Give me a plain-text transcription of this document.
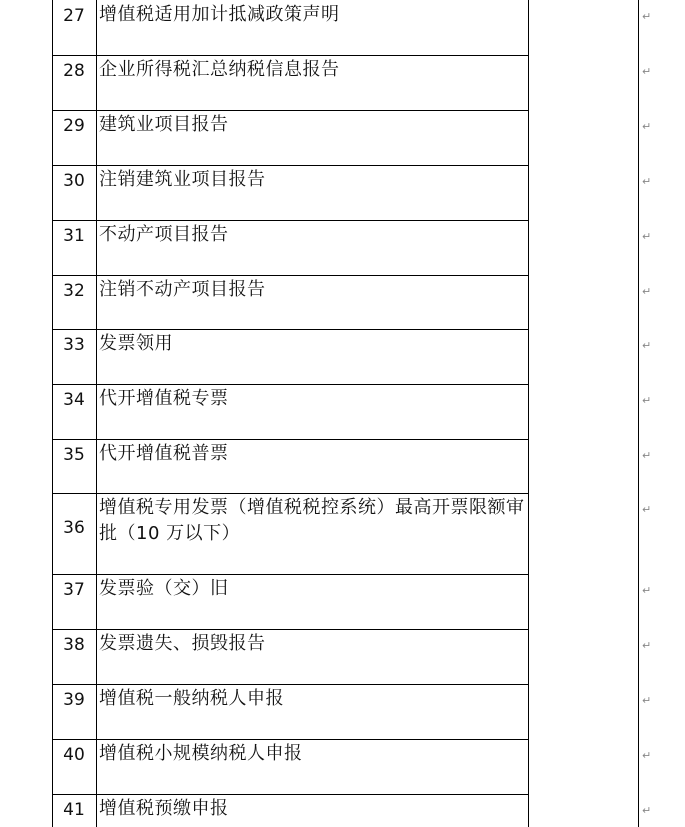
27 增值税适用加计抵减政策声明
28 企业所得税汇总纳税信息报告
29 建筑业项目报告
30 注销建筑业项目报告
31 不动产项目报告
32 注销不动产项目报告
33 发票领用
34 代开增值税专票
35 代开增值税普票
36
增值税专用发票（增值税税控系统）最高开票限额审批（10 万以下）
37 发票验（交）旧
38 发票遗失、损毁报告
39 增值税一般纳税人申报
40 增值税小规模纳税人申报
41 增值税预缴申报
↵
↵
↵
↵
↵
↵
↵
↵
↵
↵
↵
↵
↵
↵
↵
